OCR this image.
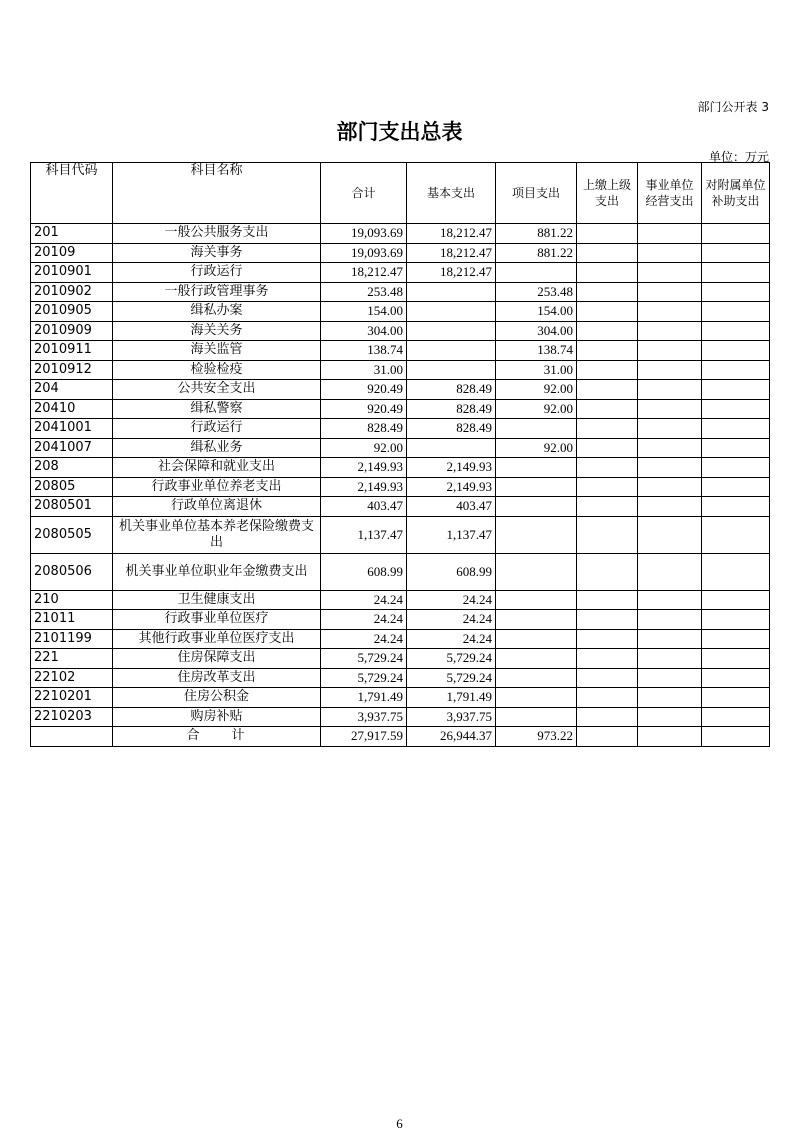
部门公开表 3
部门支出总表
单位：万元
科目代码	科目名称	合计	基本支出	项目支出	上缴上级支出	事业单位经营支出	对附属单位补助支出
201	一般公共服务支出	19,093.69	18,212.47	881.22			
20109	海关事务	19,093.69	18,212.47	881.22			
2010901	行政运行	18,212.47	18,212.47				
2010902	一般行政管理事务	253.48		253.48			
2010905	缉私办案	154.00		154.00			
2010909	海关关务	304.00		304.00			
2010911	海关监管	138.74		138.74			
2010912	检验检疫	31.00		31.00			
204	公共安全支出	920.49	828.49	92.00			
20410	缉私警察	920.49	828.49	92.00			
2041001	行政运行	828.49	828.49				
2041007	缉私业务	92.00		92.00			
208	社会保障和就业支出	2,149.93	2,149.93				
20805	行政事业单位养老支出	2,149.93	2,149.93				
2080501	行政单位离退休	403.47	403.47				
2080505	机关事业单位基本养老保险缴费支出	1,137.47	1,137.47				
2080506	机关事业单位职业年金缴费支出	608.99	608.99				
210	卫生健康支出	24.24	24.24				
21011	行政事业单位医疗	24.24	24.24				
2101199	其他行政事业单位医疗支出	24.24	24.24				
221	住房保障支出	5,729.24	5,729.24				
22102	住房改革支出	5,729.24	5,729.24				
2210201	住房公积金	1,791.49	1,791.49				
2210203	购房补贴	3,937.75	3,937.75				
	合　　计	27,917.59	26,944.37	973.22			
6
